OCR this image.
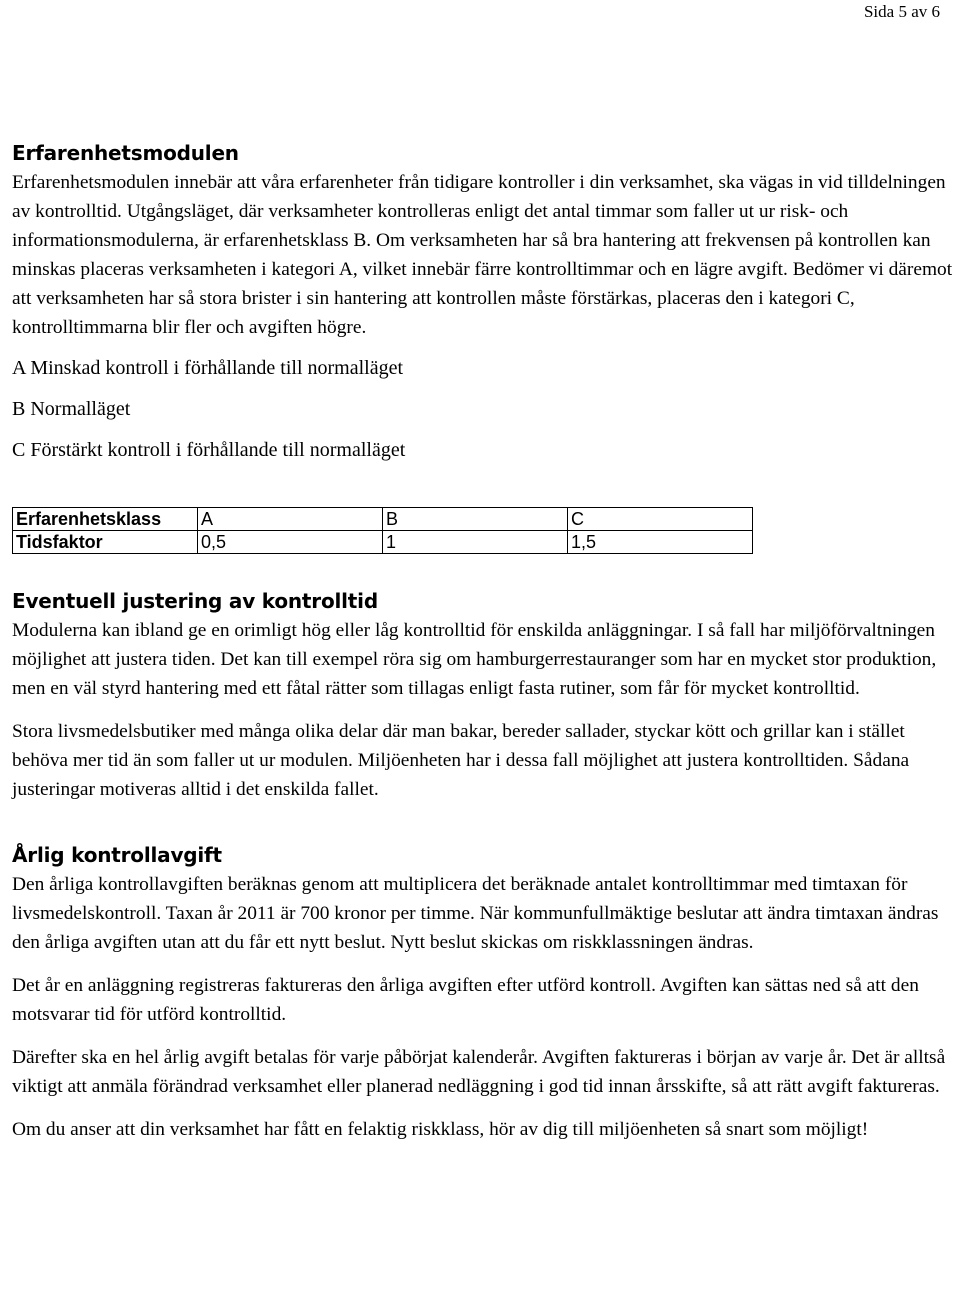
Sida 5 av 6
Erfarenhetsmodulen

Erfarenhetsmodulen innebär att våra erfarenheter från tidigare kontroller i din verksamhet, ska vägas in vid tilldelningen av kontrolltid. Utgångsläget, där verksamheter kontrolleras enligt det antal timmar som faller ut ur risk- och informationsmodulerna, är erfarenhetsklass B. Om verksamheten har så bra hantering att frekvensen på kontrollen kan minskas placeras verksamheten i kategori A, vilket innebär färre kontrolltimmar och en lägre avgift. Bedömer vi däremot att verksamheten har så stora brister i sin hantering att kontrollen måste förstärkas, placeras den i kategori C, kontrolltimmarna blir fler och avgiften högre.

A Minskad kontroll i förhållande till normalläget

B Normalläget

C Förstärkt kontroll i förhållande till normalläget

Erfarenhetsklass	A	B	C
Tidsfaktor	0,5	1	1,5
Eventuell justering av kontrolltid

Modulerna kan ibland ge en orimligt hög eller låg kontrolltid för enskilda anläggningar. I så fall har miljöförvaltningen möjlighet att justera tiden. Det kan till exempel röra sig om hamburgerrestauranger som har en mycket stor produktion, men en väl styrd hantering med ett fåtal rätter som tillagas enligt fasta rutiner, som får för mycket kontrolltid.

Stora livsmedelsbutiker med många olika delar där man bakar, bereder sallader, styckar kött och grillar kan i stället behöva mer tid än som faller ut ur modulen. Miljöenheten har i dessa fall möjlighet att justera kontrolltiden. Sådana justeringar motiveras alltid i det enskilda fallet.

Årlig kontrollavgift

Den årliga kontrollavgiften beräknas genom att multiplicera det beräknade antalet kontrolltimmar med timtaxan för livsmedelskontroll. Taxan år 2011 är 700 kronor per timme. När kommunfullmäktige beslutar att ändra timtaxan ändras den årliga avgiften utan att du får ett nytt beslut. Nytt beslut skickas om riskklassningen ändras.

Det år en anläggning registreras faktureras den årliga avgiften efter utförd kontroll. Avgiften kan sättas ned så att den motsvarar tid för utförd kontrolltid.

Därefter ska en hel årlig avgift betalas för varje påbörjat kalenderår. Avgiften faktureras i början av varje år. Det är alltså viktigt att anmäla förändrad verksamhet eller planerad nedläggning i god tid innan årsskifte, så att rätt avgift faktureras.

Om du anser att din verksamhet har fått en felaktig riskklass, hör av dig till miljöenheten så snart som möjligt!
